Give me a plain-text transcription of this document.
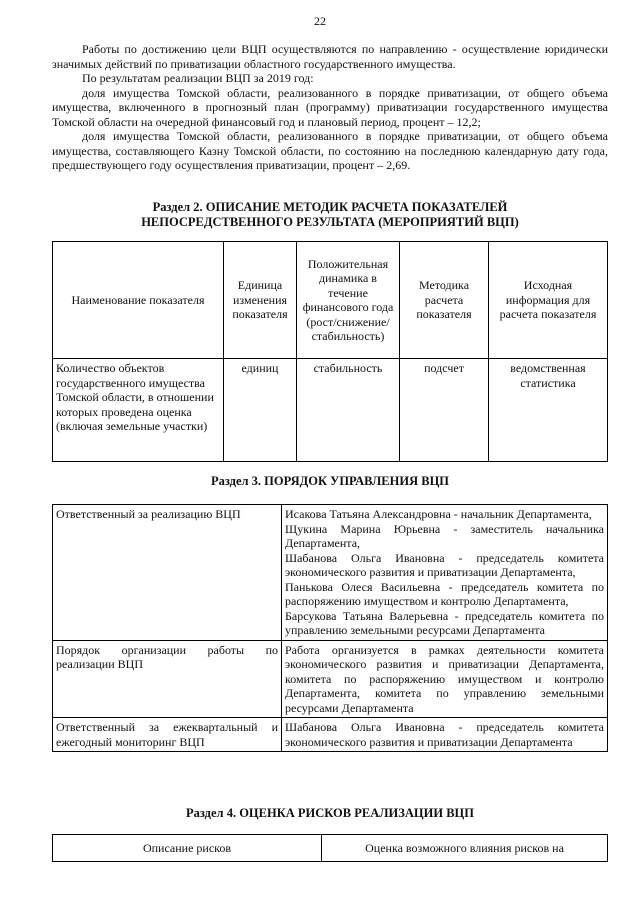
22

Работы по достижению цели ВЦП осуществляются по направлению - осуществление юридически значимых действий по приватизации областного государственного имущества.

По результатам реализации ВЦП за 2019 год:

доля имущества Томской области, реализованного в порядке приватизации, от общего объема имущества, включенного в прогнозный план (программу) приватизации государственного имущества Томской области на очередной финансовый год и плановый период, процент – 12,2;

доля имущества Томской области, реализованного в порядке приватизации, от общего объема имущества, составляющего Казну Томской области, по состоянию на последнюю календарную дату года, предшествующего году осуществления приватизации, процент – 2,69.

Раздел 2. ОПИСАНИЕ МЕТОДИК РАСЧЕТА ПОКАЗАТЕЛЕЙ
НЕПОСРЕДСТВЕННОГО РЕЗУЛЬТАТА (МЕРОПРИЯТИЙ ВЦП)
Наименование показателя	Единица изменения показателя	Положительная динамика в течение финансового года (рост/снижение/стабильность)	Методика расчета показателя	Исходная информация для расчета показателя
Количество объектов государственного имущества Томской области, в отношении которых проведена оценка (включая земельные участки)	единиц	стабильность	подсчет	ведомственная статистика
Раздел 3. ПОРЯДОК УПРАВЛЕНИЯ ВЦП
Ответственный за реализацию ВЦП	Исакова Татьяна Александровна - начальник Департамента,
Щукина Марина Юрьевна - заместитель начальника Департамента,
Шабанова Ольга Ивановна - председатель комитета экономического развития и приватизации Департамента,
Панькова Олеся Васильевна - председатель комитета по распоряжению имуществом и контролю Департамента,
Барсукова Татьяна Валерьевна - председатель комитета по управлению земельными ресурсами Департамента

Порядок организации работы по реализации ВЦП	Работа организуется в рамках деятельности комитета экономического развития и приватизации Департамента, комитета по распоряжению имуществом и контролю Департамента, комитета по управлению земельными ресурсами Департамента

Ответственный за ежеквартальный и ежегодный мониторинг ВЦП	Шабанова Ольга Ивановна - председатель комитета экономического развития и приватизации Департамента
Раздел 4. ОЦЕНКА РИСКОВ РЕАЛИЗАЦИИ ВЦП
Описание рисков	Оценка возможного влияния рисков на
